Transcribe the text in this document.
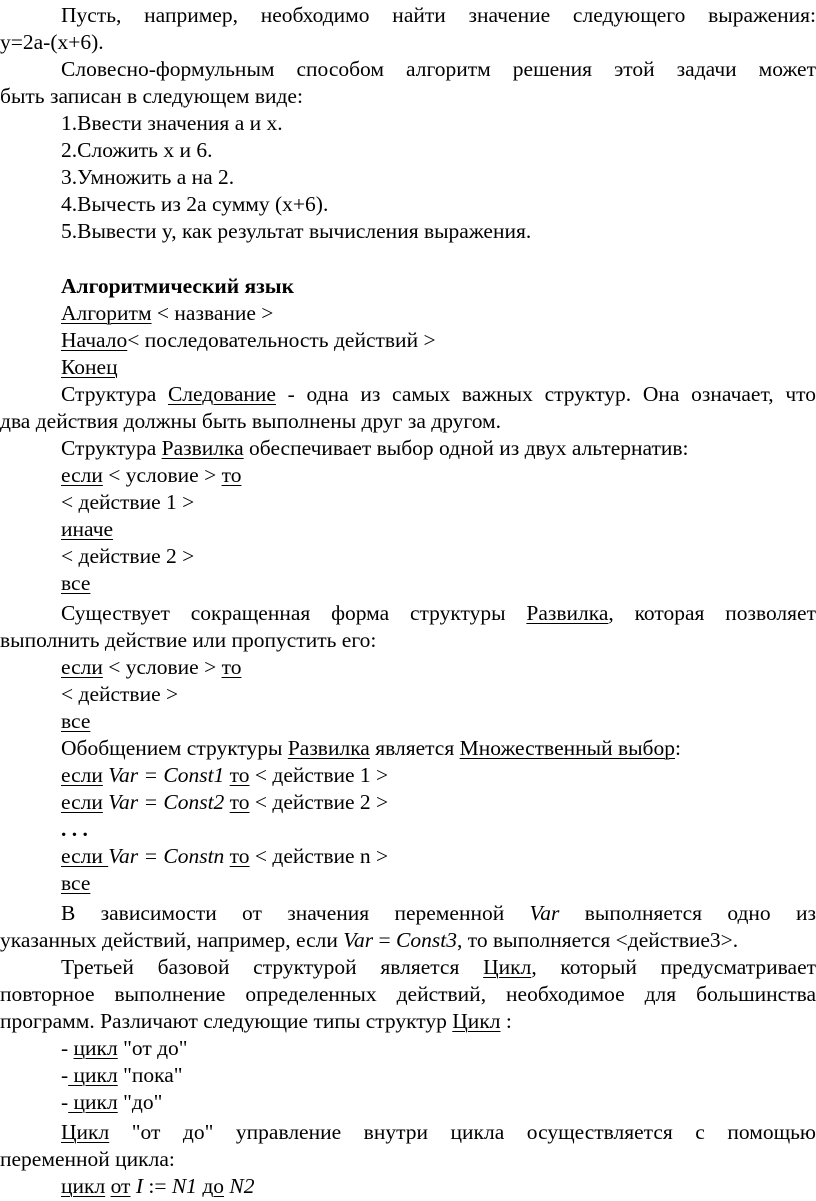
Пусть, например, необходимо найти значение следующего выражения:
y=2a-(x+6).
Словесно-формульным способом алгоритм решения этой задачи может
быть записан в следующем виде:
1.Ввести значения a и x.
2.Сложить x и 6.
3.Умножить a на 2.
4.Вычесть из 2a сумму (x+6).
5.Вывести y, как результат вычисления выражения.
Алгоритмический язык
Алгоритм < название >
Начало< последовательность действий >
Конец
Структура Следование - одна из самых важных структур. Она означает, что
два действия должны быть выполнены друг за другом.
Структура Развилка обеспечивает выбор одной из двух альтернатив:
если < условие > то
< действие 1 >
иначе
< действие 2 >
все
Существует сокращенная форма структуры Развилка, которая позволяет
выполнить действие или пропустить его:
если < условие > то
< действие >
все
Обобщением структуры Развилка является Множественный выбор:
если Var = Const1 то < действие 1 >
если Var = Const2 то < действие 2 >
. . .
если Var = Constn то < действие n >
все
В зависимости от значения переменной Var выполняется одно из
указанных действий, например, если Var = Const3, то выполняется <действие3>.
Третьей базовой структурой является Цикл, который предусматривает
повторное выполнение определенных действий, необходимое для большинства
программ. Различают следующие типы структур Цикл :
- цикл "от до"
- цикл "пока"
- цикл "до"
Цикл "от до" управление внутри цикла осуществляется с помощью
переменной цикла:
цикл от I := N1 до N2
